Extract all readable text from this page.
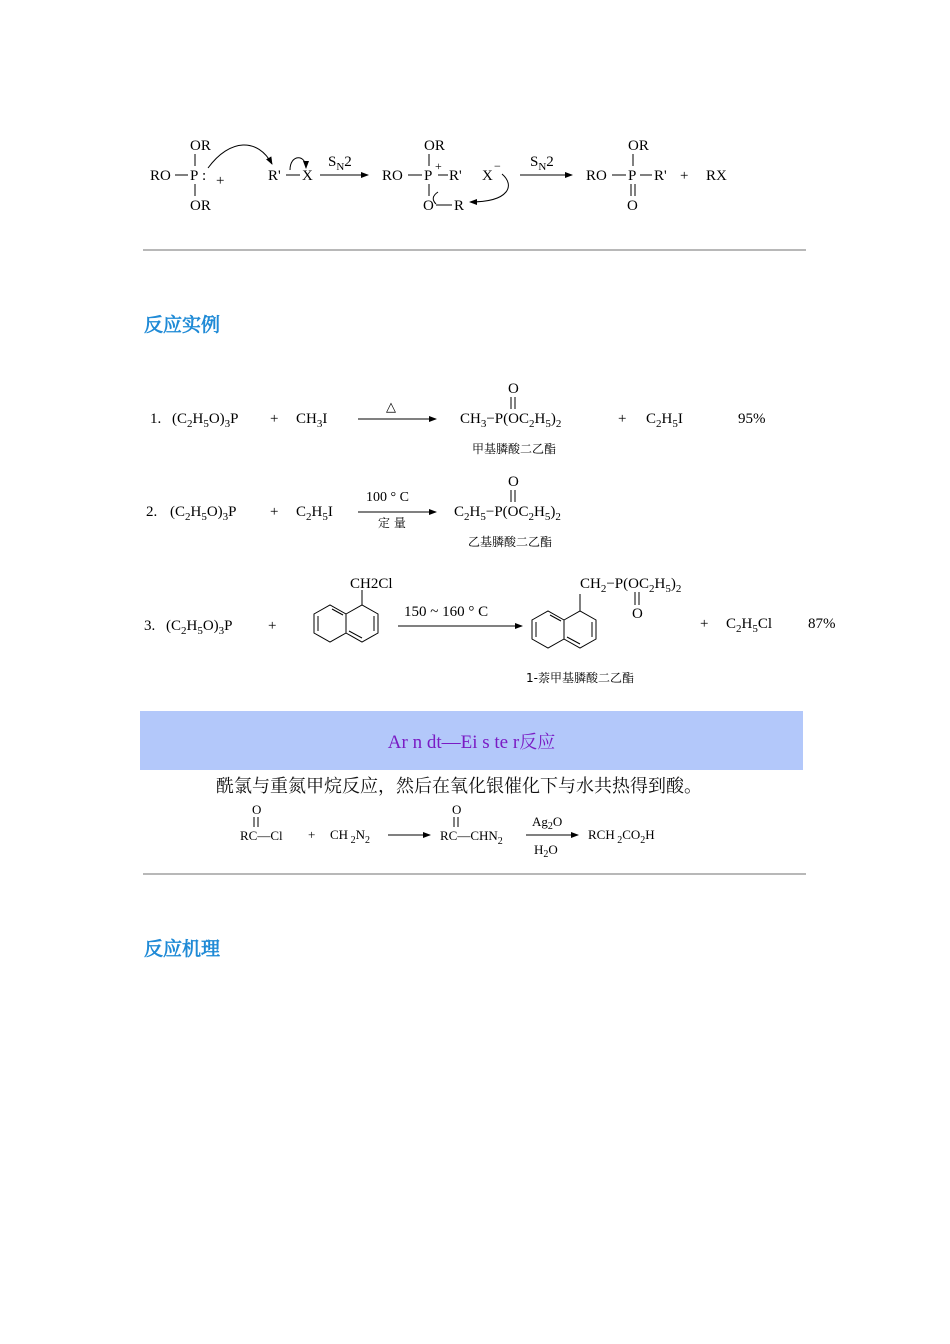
RO P :
OR
OR
+	R' X
$S_N2$
RO P
+
R'
OR
O R
X
− $S_N2$
RO P R'
OR
O
+ RX
反应实例
1. $(C_2H_5O)_3P + CH_3I$
△
$CH_3-P(OC_2H_5)_2$
O
甲基膦酸二乙酯
+ $C_2H_5I$	95%
2. $(C_2H_5O)_3P + C_2H_5I$
100 ° C
定 量
$C_2H_5-P(OC_2H_5)_2$
O
乙基膦酸二乙酯
3. $(C_2H_5O)_3P$ +
CH2Cl
150 ~ 160 ° C
$CH_2-P(OC_2H_5)_2$
O
1-萘甲基膦酸二乙酯
+ $C_2H_5Cl$ 87%
Ar n dt—Ei s te r反应
酰氯与重氮甲烷反应，然后在氧化银催化下与水共热得到酸。
O
RC—Cl + CH $_2N_2$
O
$RC—CHN_2$
$Ag_2O$
$H_2O$
RCH $_2CO_2H$
反应机理
